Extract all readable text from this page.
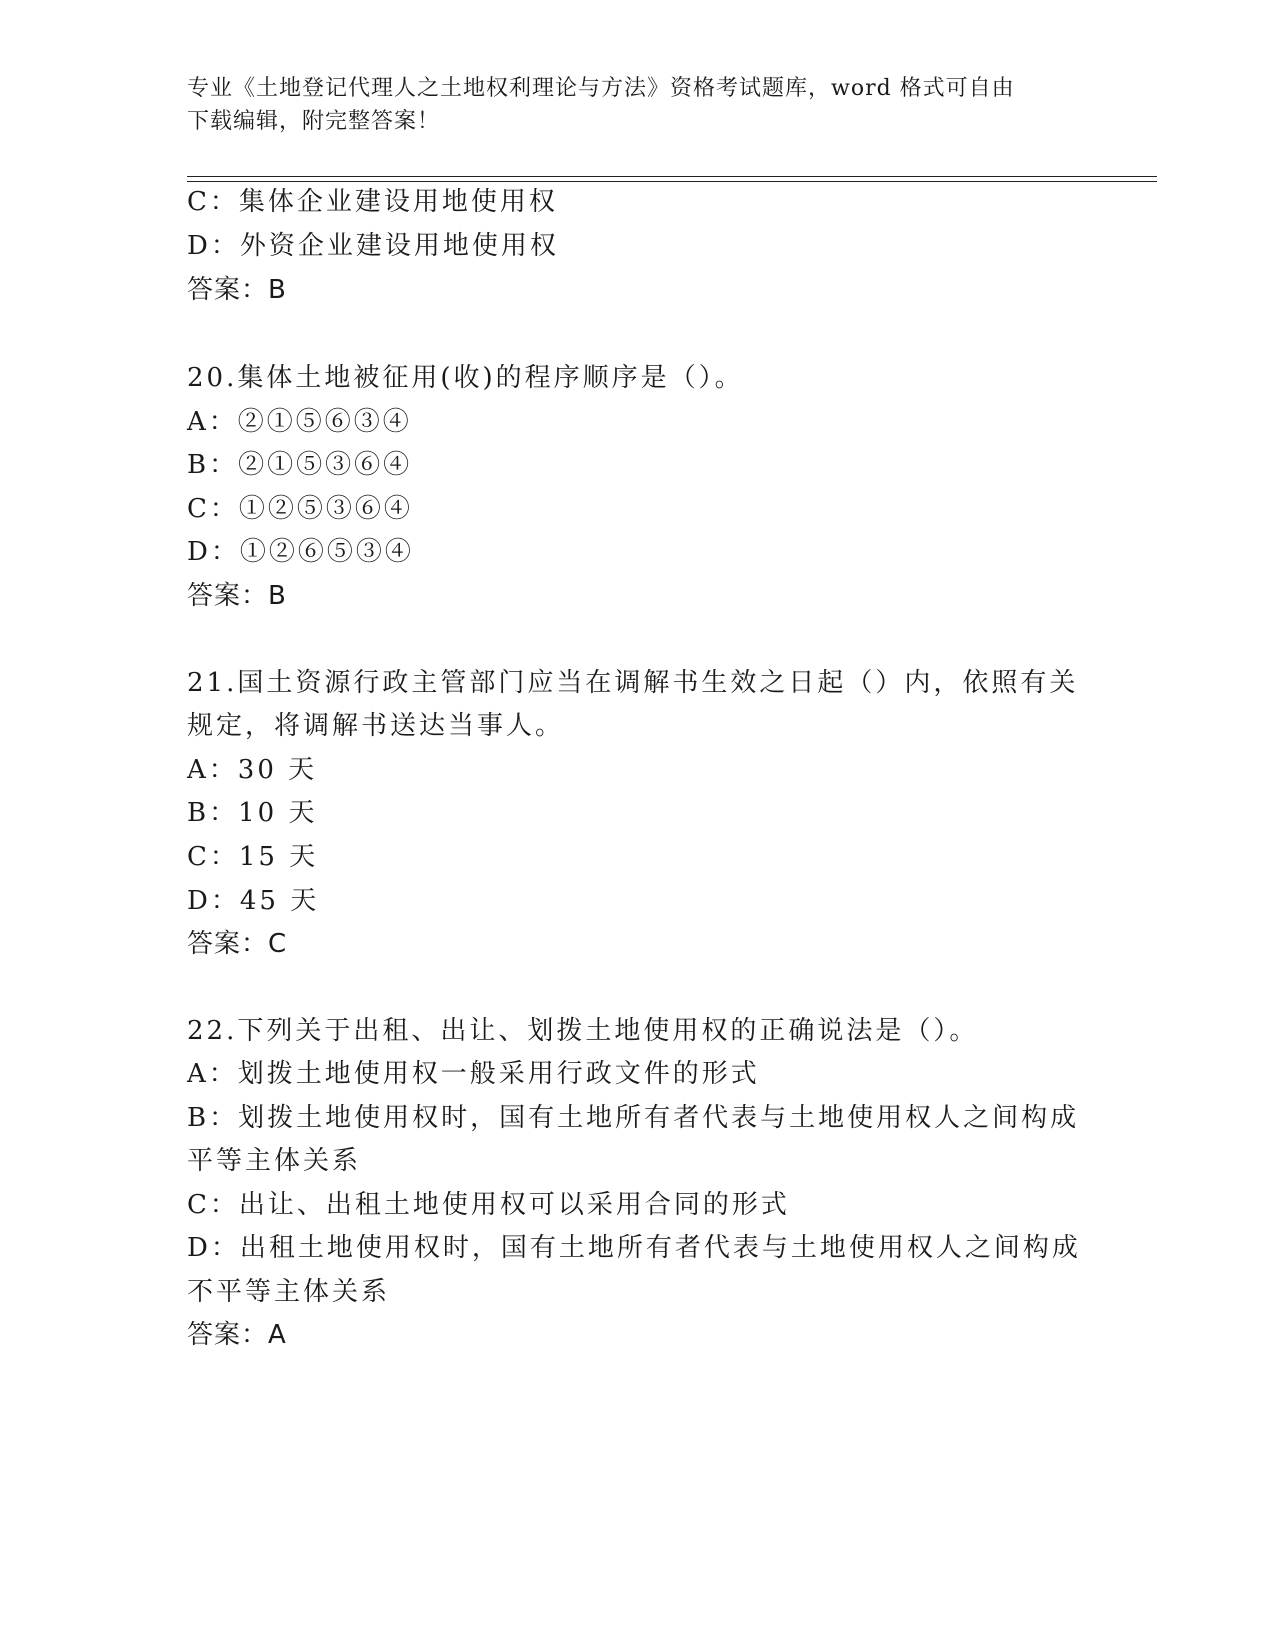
专业《土地登记代理人之土地权利理论与方法》资格考试题库，word 格式可自由
下载编辑，附完整答案！
C：集体企业建设用地使用权
D：外资企业建设用地使用权
答案：B
20.集体土地被征用(收)的程序顺序是（）。
A：②①⑤⑥③④
B：②①⑤③⑥④
C：①②⑤③⑥④
D：①②⑥⑤③④
答案：B
21.国土资源行政主管部门应当在调解书生效之日起（）内，依照有关
规定，将调解书送达当事人。
A：30 天
B：10 天
C：15 天
D：45 天
答案：C
22.下列关于出租、出让、划拨土地使用权的正确说法是（）。
A：划拨土地使用权一般采用行政文件的形式
B：划拨土地使用权时，国有土地所有者代表与土地使用权人之间构成
平等主体关系
C：出让、出租土地使用权可以采用合同的形式
D：出租土地使用权时，国有土地所有者代表与土地使用权人之间构成
不平等主体关系
答案：A
